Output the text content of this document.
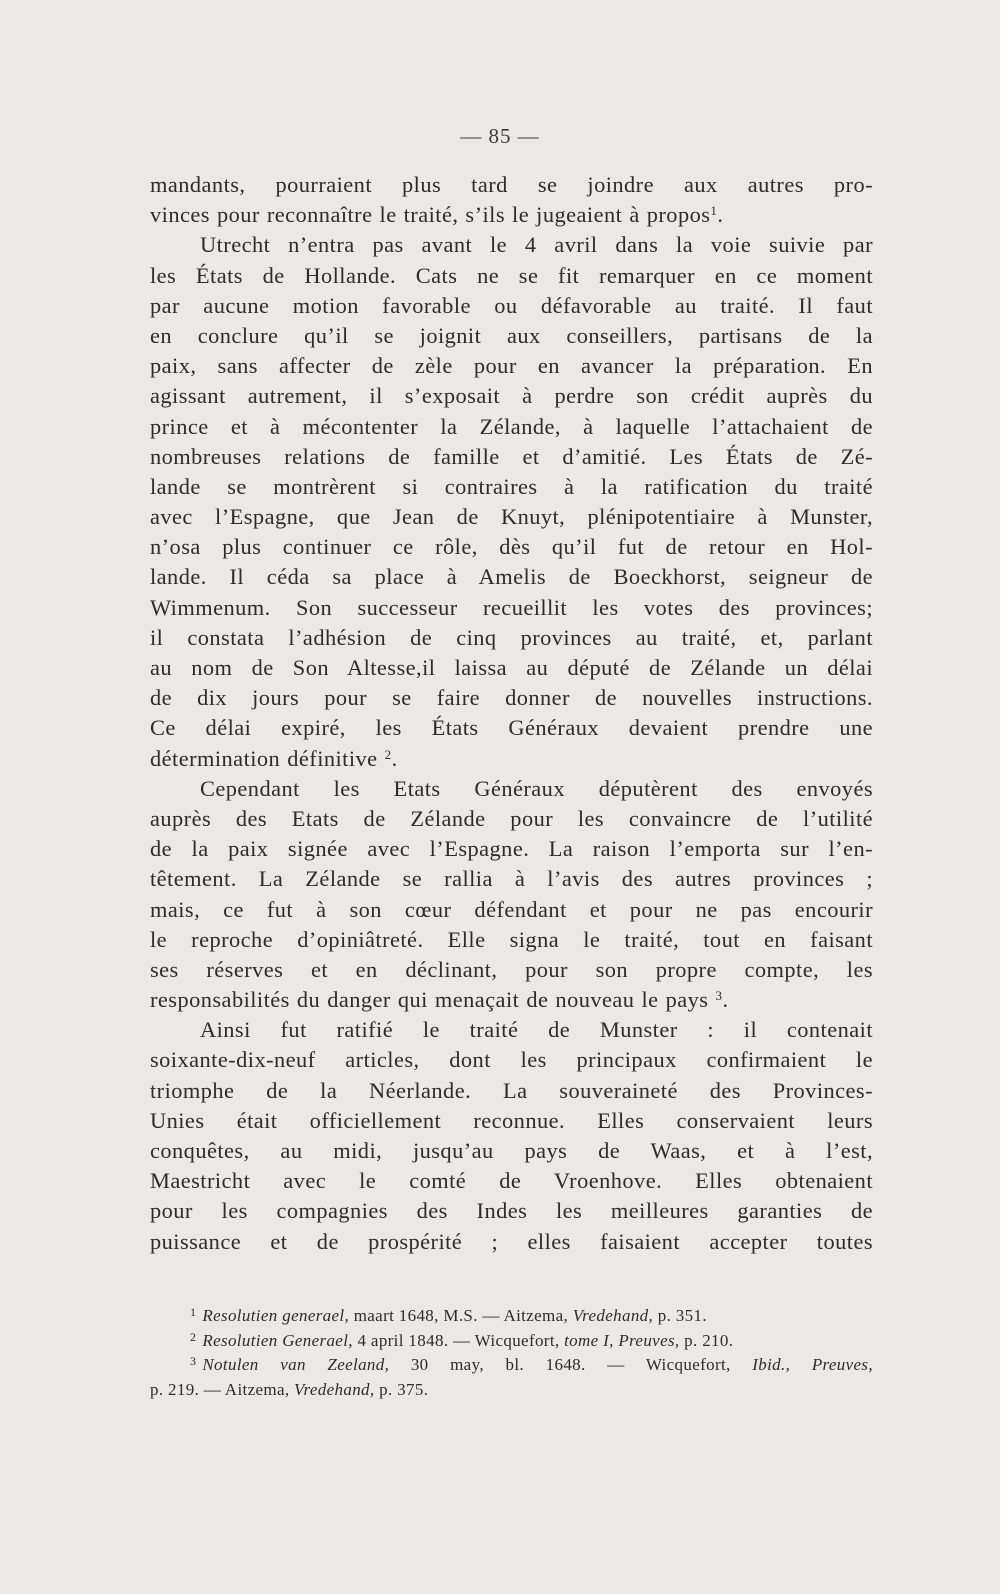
— 85 —
mandants, pourraient plus tard se joindre aux autres pro-
vinces pour reconnaître le traité, s’ils le jugeaient à propos$^1$.
Utrecht n’entra pas avant le 4 avril dans la voie suivie par
les États de Hollande. Cats ne se fit remarquer en ce moment
par aucune motion favorable ou défavorable au traité. Il faut
en conclure qu’il se joignit aux conseillers, partisans de la
paix, sans affecter de zèle pour en avancer la préparation. En
agissant autrement, il s’exposait à perdre son crédit auprès du
prince et à mécontenter la Zélande, à laquelle l’attachaient de
nombreuses relations de famille et d’amitié. Les États de Zé-
lande se montrèrent si contraires à la ratification du traité
avec l’Espagne, que Jean de Knuyt, plénipotentiaire à Munster,
n’osa plus continuer ce rôle, dès qu’il fut de retour en Hol-
lande. Il céda sa place à Amelis de Boeckhorst, seigneur de
Wimmenum. Son successeur recueillit les votes des provinces;
il constata l’adhésion de cinq provinces au traité, et, parlant
au nom de Son Altesse,il laissa au député de Zélande un délai
de dix jours pour se faire donner de nouvelles instructions.
Ce délai expiré, les États Généraux devaient prendre une
détermination définitive $^2$.
Cependant les Etats Généraux députèrent des envoyés
auprès des Etats de Zélande pour les convaincre de l’utilité
de la paix signée avec l’Espagne. La raison l’emporta sur l’en-
têtement. La Zélande se rallia à l’avis des autres provinces ;
mais, ce fut à son cœur défendant et pour ne pas encourir
le reproche d’opiniâtreté. Elle signa le traité, tout en faisant
ses réserves et en déclinant, pour son propre compte, les
responsabilités du danger qui menaçait de nouveau le pays $^3$.
Ainsi fut ratifié le traité de Munster : il contenait
soixante-dix-neuf articles, dont les principaux confirmaient le
triomphe de la Néerlande. La souveraineté des Provinces-
Unies était officiellement reconnue. Elles conservaient leurs
conquêtes, au midi, jusqu’au pays de Waas, et à l’est,
Maestricht avec le comté de Vroenhove. Elles obtenaient
pour les compagnies des Indes les meilleures garanties de
puissance et de prospérité ; elles faisaient accepter toutes
$^1$ Resolutien generael, maart 1648, M.S. — Aitzema, Vredehand, p. 351.
$^2$ Resolutien Generael, 4 april 1848. — Wicquefort, tome I, Preuves, p. 210.
$^3$ Notulen van Zeeland, 30 may, bl. 1648. — Wicquefort, Ibid., Preuves,
p. 219. — Aitzema, Vredehand, p. 375.
